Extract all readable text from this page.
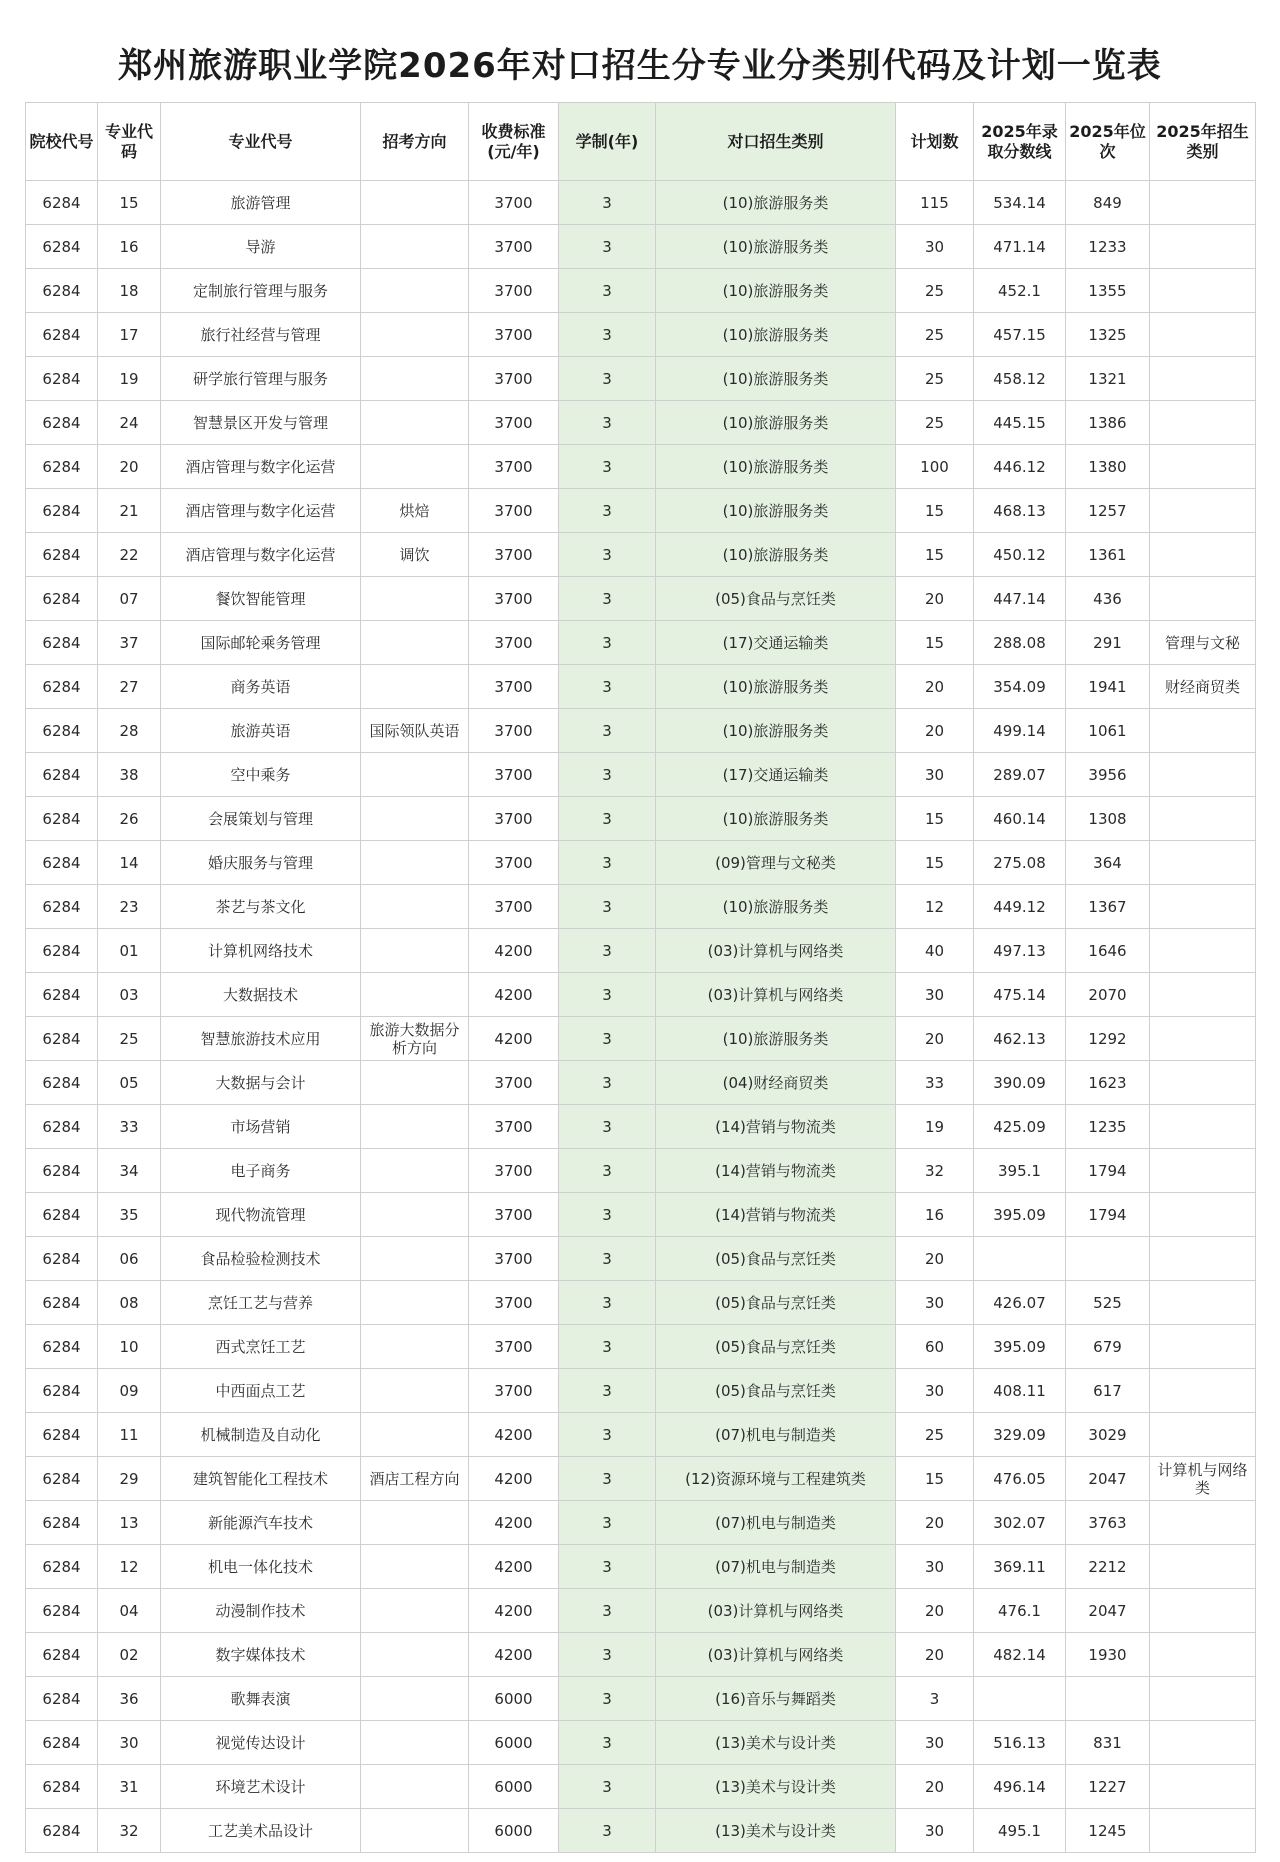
郑州旅游职业学院2026年对口招生分专业分类别代码及计划一览表
院校代号	专业代码	专业代号	招考方向	收费标准(元/年)	学制(年)	对口招生类别	计划数	2025年录取分数线	2025年位次	2025年招生类别
6284	15	旅游管理		3700	3	(10)旅游服务类	115	534.14	849	
6284	16	导游		3700	3	(10)旅游服务类	30	471.14	1233	
6284	18	定制旅行管理与服务		3700	3	(10)旅游服务类	25	452.1	1355	
6284	17	旅行社经营与管理		3700	3	(10)旅游服务类	25	457.15	1325	
6284	19	研学旅行管理与服务		3700	3	(10)旅游服务类	25	458.12	1321	
6284	24	智慧景区开发与管理		3700	3	(10)旅游服务类	25	445.15	1386	
6284	20	酒店管理与数字化运营		3700	3	(10)旅游服务类	100	446.12	1380	
6284	21	酒店管理与数字化运营	烘焙	3700	3	(10)旅游服务类	15	468.13	1257	
6284	22	酒店管理与数字化运营	调饮	3700	3	(10)旅游服务类	15	450.12	1361	
6284	07	餐饮智能管理		3700	3	(05)食品与烹饪类	20	447.14	436	
6284	37	国际邮轮乘务管理		3700	3	(17)交通运输类	15	288.08	291	管理与文秘
6284	27	商务英语		3700	3	(10)旅游服务类	20	354.09	1941	财经商贸类
6284	28	旅游英语	国际领队英语	3700	3	(10)旅游服务类	20	499.14	1061	
6284	38	空中乘务		3700	3	(17)交通运输类	30	289.07	3956	
6284	26	会展策划与管理		3700	3	(10)旅游服务类	15	460.14	1308	
6284	14	婚庆服务与管理		3700	3	(09)管理与文秘类	15	275.08	364	
6284	23	茶艺与茶文化		3700	3	(10)旅游服务类	12	449.12	1367	
6284	01	计算机网络技术		4200	3	(03)计算机与网络类	40	497.13	1646	
6284	03	大数据技术		4200	3	(03)计算机与网络类	30	475.14	2070	
6284	25	智慧旅游技术应用	旅游大数据分析方向	4200	3	(10)旅游服务类	20	462.13	1292	
6284	05	大数据与会计		3700	3	(04)财经商贸类	33	390.09	1623	
6284	33	市场营销		3700	3	(14)营销与物流类	19	425.09	1235	
6284	34	电子商务		3700	3	(14)营销与物流类	32	395.1	1794	
6284	35	现代物流管理		3700	3	(14)营销与物流类	16	395.09	1794	
6284	06	食品检验检测技术		3700	3	(05)食品与烹饪类	20			
6284	08	烹饪工艺与营养		3700	3	(05)食品与烹饪类	30	426.07	525	
6284	10	西式烹饪工艺		3700	3	(05)食品与烹饪类	60	395.09	679	
6284	09	中西面点工艺		3700	3	(05)食品与烹饪类	30	408.11	617	
6284	11	机械制造及自动化		4200	3	(07)机电与制造类	25	329.09	3029	
6284	29	建筑智能化工程技术	酒店工程方向	4200	3	(12)资源环境与工程建筑类	15	476.05	2047	计算机与网络类
6284	13	新能源汽车技术		4200	3	(07)机电与制造类	20	302.07	3763	
6284	12	机电一体化技术		4200	3	(07)机电与制造类	30	369.11	2212	
6284	04	动漫制作技术		4200	3	(03)计算机与网络类	20	476.1	2047	
6284	02	数字媒体技术		4200	3	(03)计算机与网络类	20	482.14	1930	
6284	36	歌舞表演		6000	3	(16)音乐与舞蹈类	3			
6284	30	视觉传达设计		6000	3	(13)美术与设计类	30	516.13	831	
6284	31	环境艺术设计		6000	3	(13)美术与设计类	20	496.14	1227	
6284	32	工艺美术品设计		6000	3	(13)美术与设计类	30	495.1	1245	
